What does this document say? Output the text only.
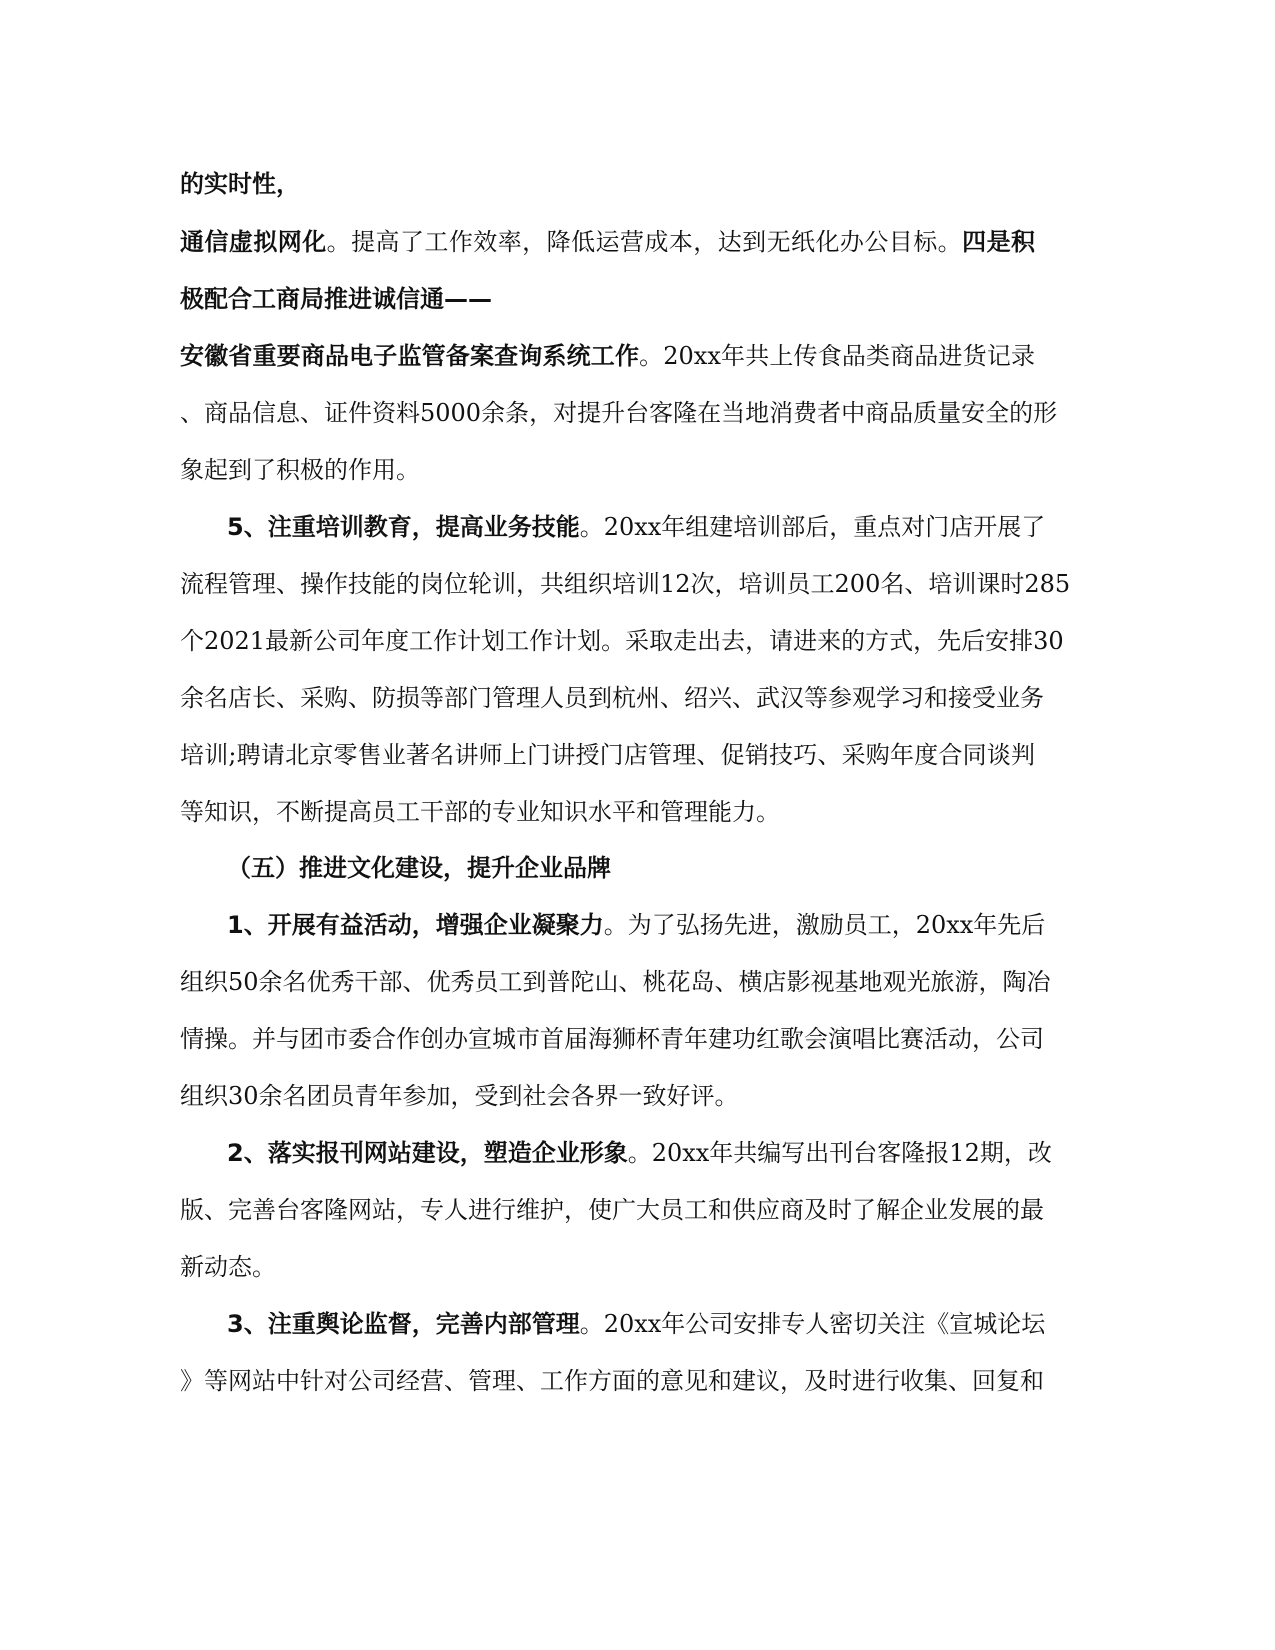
的实时性，
通信虚拟网化。提高了工作效率，降低运营成本，达到无纸化办公目标。四是积
极配合工商局推进诚信通——
安徽省重要商品电子监管备案查询系统工作。20xx年共上传食品类商品进货记录
、商品信息、证件资料5000余条，对提升台客隆在当地消费者中商品质量安全的形
象起到了积极的作用。
5、注重培训教育，提高业务技能。20xx年组建培训部后，重点对门店开展了
流程管理、操作技能的岗位轮训，共组织培训12次，培训员工200名、培训课时285
个2021最新公司年度工作计划工作计划。采取走出去，请进来的方式，先后安排30
余名店长、采购、防损等部门管理人员到杭州、绍兴、武汉等参观学习和接受业务
培训;聘请北京零售业著名讲师上门讲授门店管理、促销技巧、采购年度合同谈判
等知识，不断提高员工干部的专业知识水平和管理能力。
（五）推进文化建设，提升企业品牌
1、开展有益活动，增强企业凝聚力。为了弘扬先进，激励员工，20xx年先后
组织50余名优秀干部、优秀员工到普陀山、桃花岛、横店影视基地观光旅游，陶冶
情操。并与团市委合作创办宣城市首届海狮杯青年建功红歌会演唱比赛活动，公司
组织30余名团员青年参加，受到社会各界一致好评。
2、落实报刊网站建设，塑造企业形象。20xx年共编写出刊台客隆报12期，改
版、完善台客隆网站，专人进行维护，使广大员工和供应商及时了解企业发展的最
新动态。
3、注重舆论监督，完善内部管理。20xx年公司安排专人密切关注《宣城论坛
》等网站中针对公司经营、管理、工作方面的意见和建议，及时进行收集、回复和
